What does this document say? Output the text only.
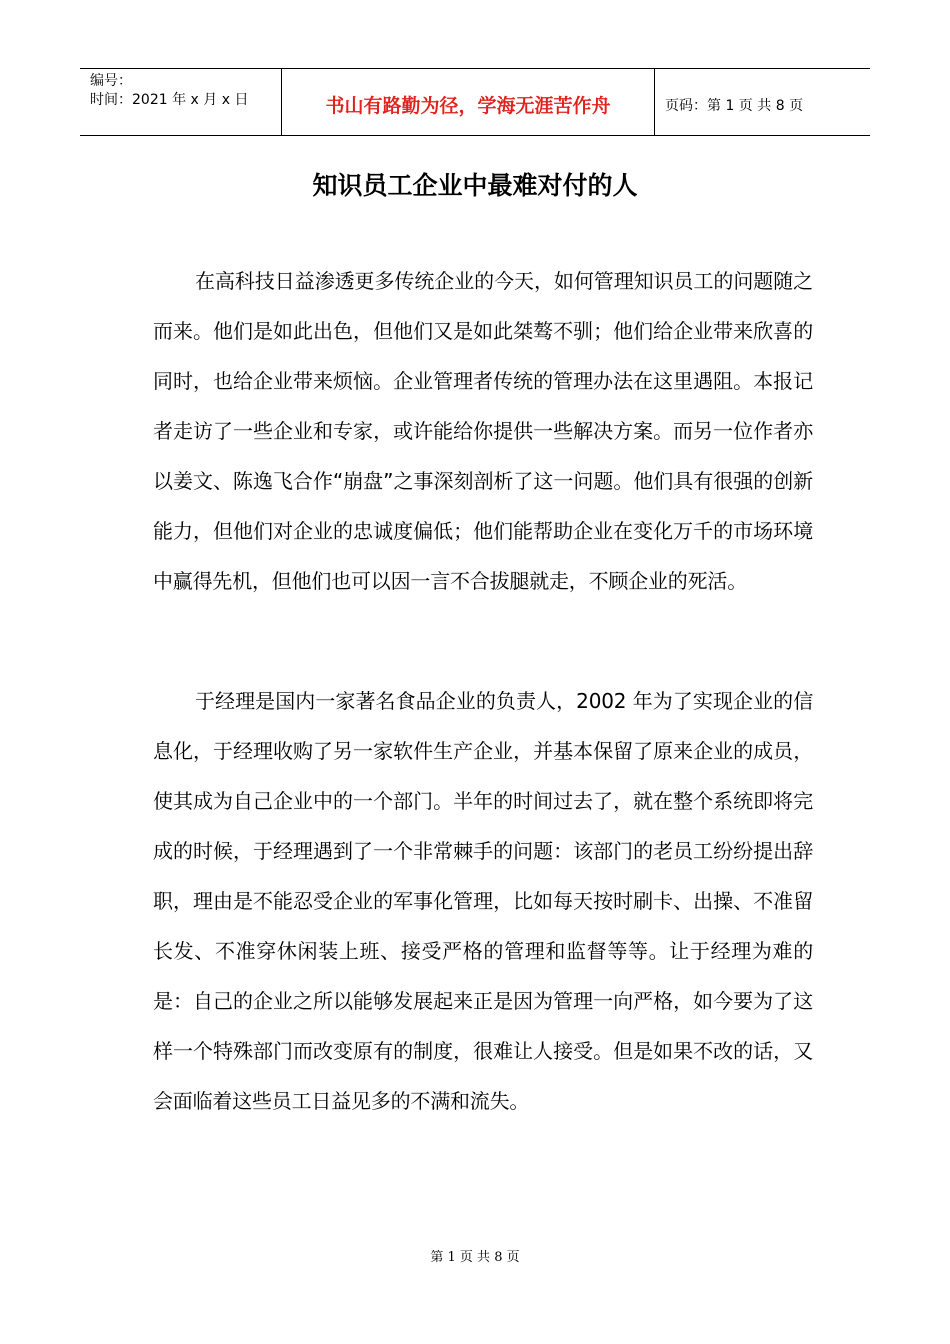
编号：
时间：2021 年 x 月 x 日	书山有路勤为径，学海无涯苦作舟	页码：第 1 页 共 8 页
知识员工企业中最难对付的人

在高科技日益渗透更多传统企业的今天，如何管理知识员工的问题随之而来。他们是如此出色，但他们又是如此桀骜不驯；他们给企业带来欣喜的同时，也给企业带来烦恼。企业管理者传统的管理办法在这里遇阻。本报记者走访了一些企业和专家，或许能给你提供一些解决方案。而另一位作者亦以姜文、陈逸飞合作“崩盘”之事深刻剖析了这一问题。他们具有很强的创新能力，但他们对企业的忠诚度偏低；他们能帮助企业在变化万千的市场环境中赢得先机，但他们也可以因一言不合拔腿就走，不顾企业的死活。

于经理是国内一家著名食品企业的负责人，2002 年为了实现企业的信息化，于经理收购了另一家软件生产企业，并基本保留了原来企业的成员，使其成为自己企业中的一个部门。半年的时间过去了，就在整个系统即将完成的时候，于经理遇到了一个非常棘手的问题：该部门的老员工纷纷提出辞职，理由是不能忍受企业的军事化管理，比如每天按时刷卡、出操、不准留长发、不准穿休闲装上班、接受严格的管理和监督等等。让于经理为难的是：自己的企业之所以能够发展起来正是因为管理一向严格，如今要为了这样一个特殊部门而改变原有的制度，很难让人接受。但是如果不改的话，又会面临着这些员工日益见多的不满和流失。

第 1 页 共 8 页
